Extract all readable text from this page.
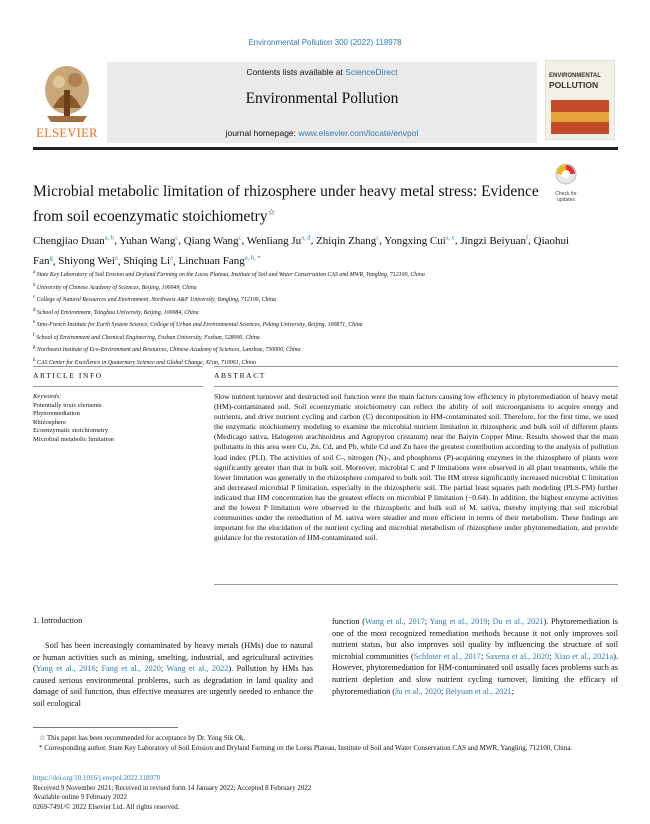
Environmental Pollution 300 (2022) 118978
ELSEVIER
Contents lists available at ScienceDirect
Environmental Pollution
journal homepage: www.elsevier.com/locate/envpol
ENVIRONMENTAL
POLLUTION
Microbial metabolic limitation of rhizosphere under heavy metal stress: Evidence from soil ecoenzymatic stoichiometry☆
Check for
updates
Chengjiao Duan$^{a, b}$, Yuhan Wang$^c$, Qiang Wang$^c$, Wenliang Ju$^{a, d}$, Zhiqin Zhang$^c$, Yongxing Cui$^{a, e}$, Jingzi Beiyuan$^f$, Qiaohui Fan$^g$, Shiyong Wei$^a$, Shiqing Li$^a$, Linchuan Fang$^{a, h, *}$
$^a$ State Key Laboratory of Soil Erosion and Dryland Farming on the Loess Plateau, Institute of Soil and Water Conservation CAS and MWR, Yangling, 712100, China
$^b$ University of Chinese Academy of Sciences, Beijing, 100049, China
$^c$ College of Natural Resources and Environment, Northwest A&F University, Yangling, 712100, China
$^d$ School of Environment, Tsinghua University, Beijing, 100084, China
$^e$ Sino-French Institute for Earth System Science, College of Urban and Environmental Sciences, Peking University, Beijing, 100871, China
$^f$ School of Environment and Chemical Engineering, Foshan University, Foshan, 528000, China
$^g$ Northwest Institute of Eco-Environment and Resources, Chinese Academy of Sciences, Lanzhou, 730000, China
$^h$ CAS Center for Excellence in Quaternary Science and Global Change, Xi'an, 710061, China
ARTICLE INFO	ABSTRACT
Keywords:
Potentially toxic elements
Phytoremediation
Rhizosphere
Ecoenzymatic stoichiometry
Microbial metabolic limitation
Slow nutrient turnover and destructed soil function were the main factors causing low efficiency in phytoremediation of heavy metal (HM)-contaminated soil. Soil ecoenzymatic stoichiometry can reflect the ability of soil microorganisms to acquire energy and nutrients, and drive nutrient cycling and carbon (C) decomposition in HM-contaminated soil. Therefore, for the first time, we used the enzymatic stoichiometry modeling to examine the microbial nutrient limitation in rhizospheric and bulk soil of different plants (Medicago sativa, Halogeton arachnoideus and Agropyron cristatum) near the Baiyin Copper Mine. Results showed that the main pollutants in this area were Cu, Zn, Cd, and Pb, while Cd and Zn have the greatest contribution according to the analysis of pollution load index (PLI). The activities of soil C-, nitrogen (N)-, and phosphorus (P)-acquiring enzymes in the rhizosphere of plants were significantly greater than that in bulk soil. Moreover, microbial C and P limitations were observed in all plant treatments, while the lower limitation was generally in the rhizosphere compared to bulk soil. The HM stress significantly increased microbial C limitation and decreased microbial P limitation, especially in the rhizospheric soil. The partial least squares path modeling (PLS-PM) further indicated that HM concentration has the greatest effects on microbial P limitation (−0.64). In addition, the highest enzyme activities and the lowest P limitation were observed in the rhizospheric and bulk soil of M. sativa, thereby implying that soil microbial communities under the remediation of M. sativa were steadier and more efficient in terms of their metabolism. These findings are important for the elucidation of the nutrient cycling and microbial metabolism of rhizosphere under phytoremediation, and provide guidance for the restoration of HM-contaminated soil.
1. Introduction
Soil has been increasingly contaminated by heavy metals (HMs) due to natural or human activities such as mining, smelting, industrial, and agricultural activities (Yang et al., 2016; Fang et al., 2020; Wang et al., 2022). Pollution by HMs has caused serious environmental problems, such as degradation in land quality and damage of soil function, thus effective measures are urgently needed to enhance the soil ecological
function (Wang et al., 2017; Yang et al., 2019; Du et al., 2021). Phytoremediation is one of the most recognized remediation methods because it not only improves soil nutrient status, but also improves soil quality by influencing the structure of soil microbial communities (Schloter et al., 2017; Saxena et al., 2020; Xiao et al., 2021a). However, phytoremediation for HM-contaminated soil usually faces problems such as nutrient depletion and slow nutrient cycling turnover, limiting the efficacy of phytoremediation (Ju et al., 2020; Beiyuan et al., 2021;
☆ This paper has been recommended for acceptance by Dr. Yong Sik Ok.
* Corresponding author. State Key Laboratory of Soil Erosion and Dryland Farming on the Loess Plateau, Institute of Soil and Water Conservation CAS and MWR, Yangling, 712100, China.
https://doi.org/10.1016/j.envpol.2022.118978
Received 9 November 2021; Received in revised form 14 January 2022; Accepted 8 February 2022
Available online 9 February 2022
0269-7491/© 2022 Elsevier Ltd. All rights reserved.
